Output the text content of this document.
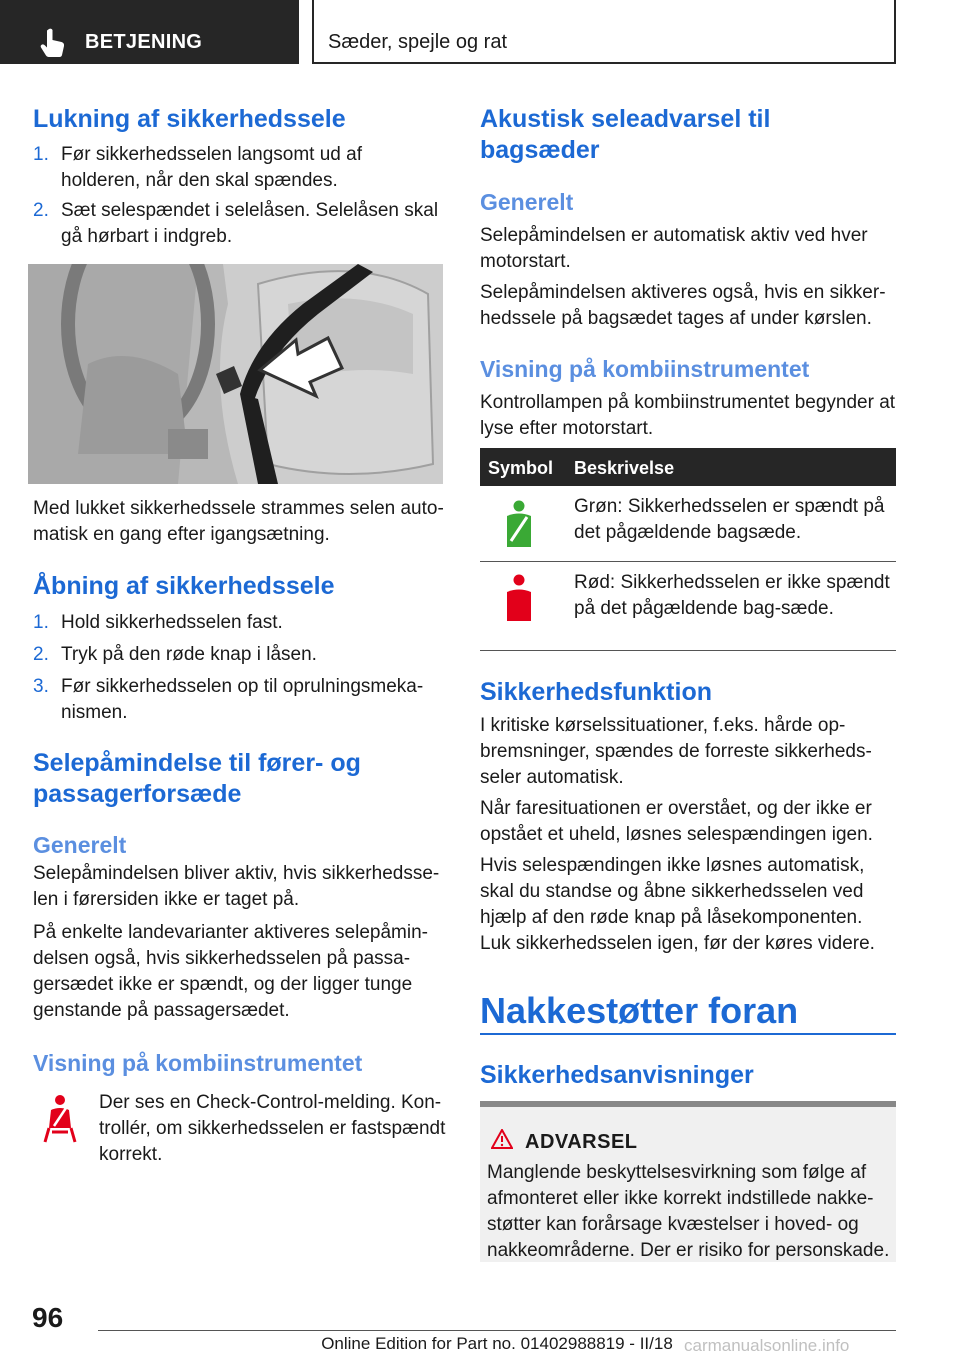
BETJENING	Sæder, spejle og rat
Lukning af sikkerhedssele
1. Før sikkerhedsselen langsomt ud af holderen, når den skal spændes.
2. Sæt selespændet i selelåsen. Selelåsen skal gå hørbart i indgreb.
Med lukket sikkerhedssele strammes selen auto-matisk en gang efter igangsætning.
Åbning af sikkerhedssele
1. Hold sikkerhedsselen fast.
2. Tryk på den røde knap i låsen.
3. Før sikkerhedsselen op til oprulningsmeka-nismen.
Selepåmindelse til fører- og passagerforsæde
Generelt
Selepåmindelsen bliver aktiv, hvis sikkerhedsse-len i førersiden ikke er taget på.
På enkelte landevarianter aktiveres selepåmin-delsen også, hvis sikkerhedsselen på passa-gersædet ikke er spændt, og der ligger tunge genstande på passagersædet.
Visning på kombiinstrumentet
Der ses en Check-Control-melding. Kon-trollér, om sikkerhedsselen er fastspændt korrekt.
Akustisk seleadvarsel til bagsæder
Generelt
Selepåmindelsen er automatisk aktiv ved hver motorstart.
Selepåmindelsen aktiveres også, hvis en sikker-hedssele på bagsædet tages af under kørslen.
Visning på kombiinstrumentet
Kontrollampen på kombiinstrumentet begynder at lyse efter motorstart.
Symbol Beskrivelse
Grøn: Sikkerhedsselen er spændt på det pågældende bagsæde.
Rød: Sikkerhedsselen er ikke spændt på det pågældende bag-sæde.
Sikkerhedsfunktion
I kritiske kørselssituationer, f.eks. hårde op-bremsninger, spændes de forreste sikkerheds-seler automatisk.
Når faresituationen er overstået, og der ikke er opstået et uheld, løsnes selespændingen igen.
Hvis selespændingen ikke løsnes automatisk, skal du standse og åbne sikkerhedsselen ved hjælp af den røde knap på låsekomponenten. Luk sikkerhedsselen igen, før der køres videre.
Nakkestøtter foran
Sikkerhedsanvisninger
ADVARSEL
Manglende beskyttelsesvirkning som følge af afmonteret eller ikke korrekt indstillede nakke-støtter kan forårsage kvæstelser i hoved- og nakkeområderne. Der er risiko for personskade.
96
Online Edition for Part no. 01402988819 - II/18 carmanualsonline.info
